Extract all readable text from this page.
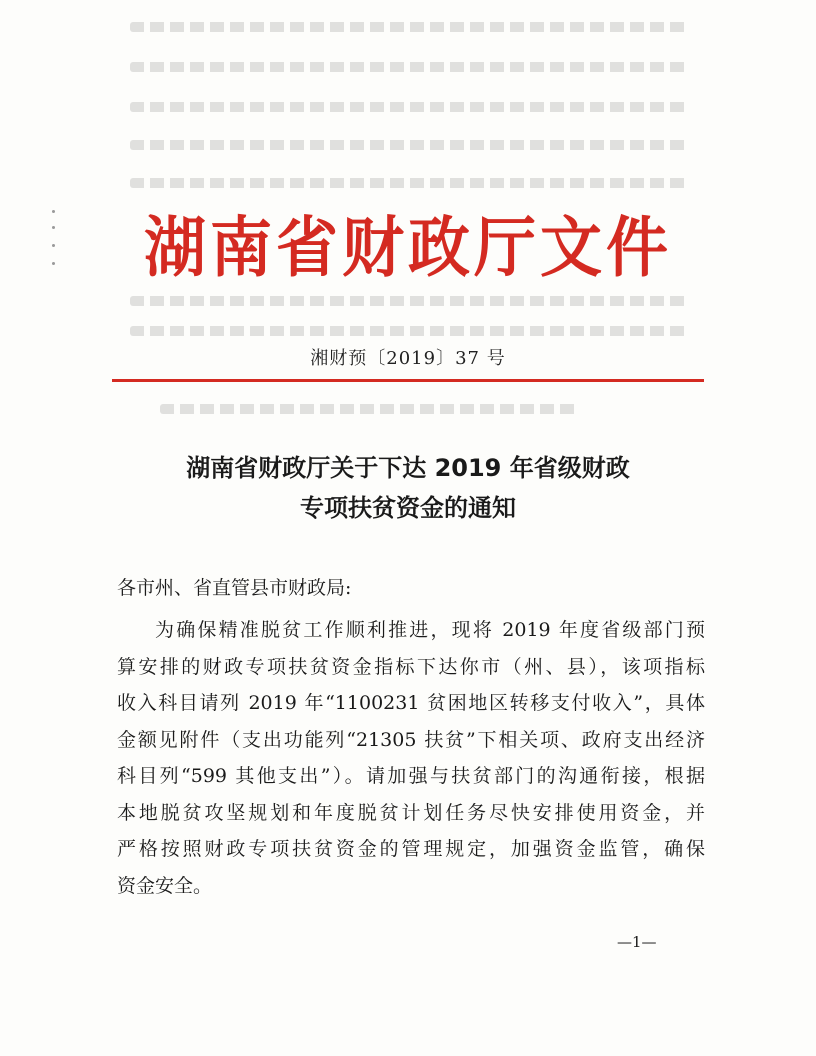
湖南省财政厅文件
湘财预〔2019〕37 号
湖南省财政厅关于下达 2019 年省级财政
专项扶贫资金的通知
各市州、省直管县市财政局:
为确保精准脱贫工作顺利推进，现将 2019 年度省级部门预
算安排的财政专项扶贫资金指标下达你市（州、县），该项指标
收入科目请列 2019 年“1100231 贫困地区转移支付收入”，具体
金额见附件（支出功能列“21305 扶贫”下相关项、政府支出经济
科目列“599 其他支出”）。请加强与扶贫部门的沟通衔接，根据
本地脱贫攻坚规划和年度脱贫计划任务尽快安排使用资金，并
严格按照财政专项扶贫资金的管理规定，加强资金监管，确保
资金安全。
—1—
